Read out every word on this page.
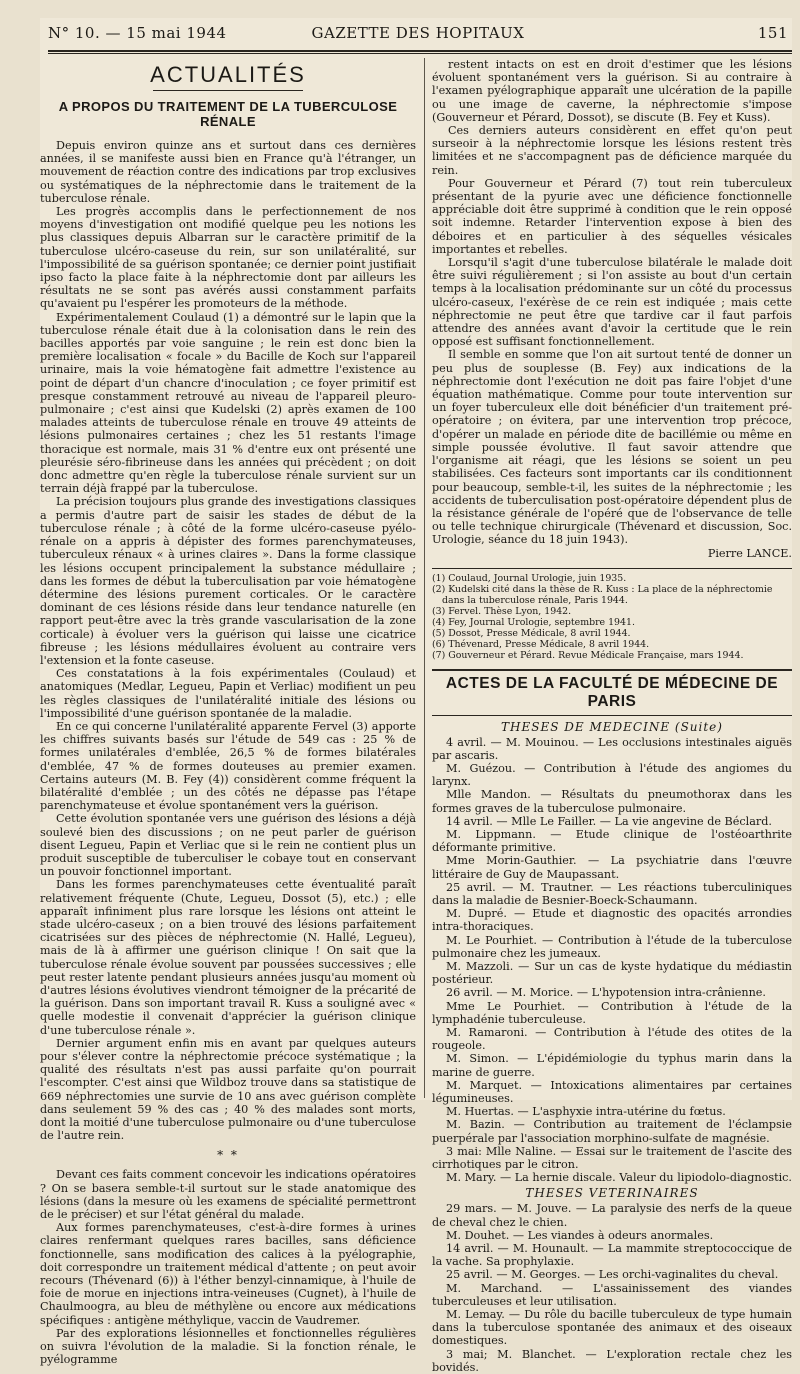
N° 10. — 15 mai 1944	GAZETTE DES HOPITAUX	151
ACTUALITÉS
A PROPOS DU TRAITEMENT DE LA TUBERCULOSE RÉNALE

Depuis environ quinze ans et surtout dans ces dernières années, il se manifeste aussi bien en France qu'à l'étranger, un mouvement de réaction contre des indications par trop exclusives ou systématiques de la néphrectomie dans le traitement de la tuberculose rénale.

Les progrès accomplis dans le perfectionnement de nos moyens d'investigation ont modifié quelque peu les notions les plus classiques depuis Albarran sur le caractère primitif de la tuberculose ulcéro-caseuse du rein, sur son unilatéralité, sur l'impossibilité de sa guérison spontanée; ce dernier point justifiait ipso facto la place faite à la néphrectomie dont par ailleurs les résultats ne se sont pas avérés aussi constamment parfaits qu'avaient pu l'espérer les promoteurs de la méthode.

Expérimentalement Coulaud (1) a démontré sur le lapin que la tuberculose rénale était due à la colonisation dans le rein des bacilles apportés par voie sanguine ; le rein est donc bien la première localisation « focale » du Bacille de Koch sur l'appareil urinaire, mais la voie hématogène fait admettre l'existence au point de départ d'un chancre d'inoculation ; ce foyer primitif est presque constamment retrouvé au niveau de l'appareil pleuro-pulmonaire ; c'est ainsi que Kudelski (2) après examen de 100 malades atteints de tuberculose rénale en trouve 49 atteints de lésions pulmonaires certaines ; chez les 51 restants l'image thoracique est normale, mais 31 % d'entre eux ont présenté une pleurésie séro-fibrineuse dans les années qui précèdent ; on doit donc admettre qu'en règle la tuberculose rénale survient sur un terrain déjà frappé par la tuberculose.

La précision toujours plus grande des investigations classiques a permis d'autre part de saisir les stades de début de la tuberculose rénale ; à côté de la forme ulcéro-caseuse pyélo-rénale on a appris à dépister des formes parenchymateuses, tuberculeux rénaux « à urines claires ». Dans la forme classique les lésions occupent principalement la substance médullaire ; dans les formes de début la tuberculisation par voie hématogène détermine des lésions purement corticales. Or le caractère dominant de ces lésions réside dans leur tendance naturelle (en rapport peut-être avec la très grande vascularisation de la zone corticale) à évoluer vers la guérison qui laisse une cicatrice fibreuse ; les lésions médullaires évoluent au contraire vers l'extension et la fonte caseuse.

Ces constatations à la fois expérimentales (Coulaud) et anatomiques (Medlar, Legueu, Papin et Verliac) modifient un peu les règles classiques de l'unilatéralité initiale des lésions ou l'impossibilité d'une guérison spontanée de la maladie.

En ce qui concerne l'unilatéralité apparente Fervel (3) apporte les chiffres suivants basés sur l'étude de 549 cas : 25 % de formes unilatérales d'emblée, 26,5 % de formes bilatérales d'emblée, 47 % de formes douteuses au premier examen. Certains auteurs (M. B. Fey (4)) considèrent comme fréquent la bilatéralité d'emblée ; un des côtés ne dépasse pas l'étape parenchymateuse et évolue spontanément vers la guérison.

Cette évolution spontanée vers une guérison des lésions a déjà soulevé bien des discussions ; on ne peut parler de guérison disent Legueu, Papin et Verliac que si le rein ne contient plus un produit susceptible de tuberculiser le cobaye tout en conservant un pouvoir fonctionnel important.

Dans les formes parenchymateuses cette éventualité paraît relativement fréquente (Chute, Legueu, Dossot (5), etc.) ; elle apparaît infiniment plus rare lorsque les lésions ont atteint le stade ulcéro-caseux ; on a bien trouvé des lésions parfaitement cicatrisées sur des pièces de néphrectomie (N. Hallé, Legueu), mais de là à affirmer une guérison clinique ! On sait que la tuberculose rénale évolue souvent par poussées successives ; elle peut rester latente pendant plusieurs années jusqu'au moment où d'autres lésions évolutives viendront témoigner de la précarité de la guérison. Dans son important travail R. Kuss a souligné avec « quelle modestie il convenait d'apprécier la guérison clinique d'une tuberculose rénale ».

Dernier argument enfin mis en avant par quelques auteurs pour s'élever contre la néphrectomie précoce systématique ; la qualité des résultats n'est pas aussi parfaite qu'on pourrait l'escompter. C'est ainsi que Wildboz trouve dans sa statistique de 669 néphrectomies une survie de 10 ans avec guérison complète dans seulement 59 % des cas ; 40 % des malades sont morts, dont la moitié d'une tuberculose pulmonaire ou d'une tuberculose de l'autre rein.

* *

Devant ces faits comment concevoir les indications opératoires ? On se basera semble-t-il surtout sur le stade anatomique des lésions (dans la mesure où les examens de spécialité permettront de le préciser) et sur l'état général du malade.

Aux formes parenchymateuses, c'est-à-dire formes à urines claires renfermant quelques rares bacilles, sans déficience fonctionnelle, sans modification des calices à la pyélographie, doit correspondre un traitement médical d'attente ; on peut avoir recours (Thévenard (6)) à l'éther benzyl-cinnamique, à l'huile de foie de morue en injections intra-veineuses (Cugnet), à l'huile de Chaulmoogra, au bleu de méthylène ou encore aux médications spécifiques : antigène méthylique, vaccin de Vaudremer.

Par des explorations lésionnelles et fonctionnelles régulières on suivra l'évolution de la maladie. Si la fonction rénale, le pyélogramme

restent intacts on est en droit d'estimer que les lésions évoluent spontanément vers la guérison. Si au contraire à l'examen pyélographique apparaît une ulcération de la papille ou une image de caverne, la néphrectomie s'impose (Gouverneur et Pérard, Dossot), se discute (B. Fey et Kuss).

Ces derniers auteurs considèrent en effet qu'on peut surseoir à la néphrectomie lorsque les lésions restent très limitées et ne s'accompagnent pas de déficience marquée du rein.

Pour Gouverneur et Pérard (7) tout rein tuberculeux présentant de la pyurie avec une déficience fonctionnelle appréciable doit être supprimé à condition que le rein opposé soit indemne. Retarder l'intervention expose à bien des déboires et en particulier à des séquelles vésicales importantes et rebelles.

Lorsqu'il s'agit d'une tuberculose bilatérale le malade doit être suivi régulièrement ; si l'on assiste au bout d'un certain temps à la localisation prédominante sur un côté du processus ulcéro-caseux, l'exérèse de ce rein est indiquée ; mais cette néphrectomie ne peut être que tardive car il faut parfois attendre des années avant d'avoir la certitude que le rein opposé est suffisant fonctionnellement.

Il semble en somme que l'on ait surtout tenté de donner un peu plus de souplesse (B. Fey) aux indications de la néphrectomie dont l'exécution ne doit pas faire l'objet d'une équation mathématique. Comme pour toute intervention sur un foyer tuberculeux elle doit bénéficier d'un traitement pré-opératoire ; on évitera, par une intervention trop précoce, d'opérer un malade en période dite de bacillémie ou même en simple poussée évolutive. Il faut savoir attendre que l'organisme ait réagi, que les lésions se soient un peu stabilisées. Ces facteurs sont importants car ils conditionnent pour beaucoup, semble-t-il, les suites de la néphrectomie ; les accidents de tuberculisation post-opératoire dépendent plus de la résistance générale de l'opéré que de l'observance de telle ou telle technique chirurgicale (Thévenard et discussion, Soc. Urologie, séance du 18 juin 1943).

Pierre LANCE.
(1) Coulaud, Journal Urologie, juin 1935.
(2) Kudelski cité dans la thèse de R. Kuss : La place de la néphrectomie dans la tuberculose rénale, Paris 1944.
(3) Fervel. Thèse Lyon, 1942.
(4) Fey, Journal Urologie, septembre 1941.
(5) Dossot, Presse Médicale, 8 avril 1944.
(6) Thévenard, Presse Médicale, 8 avril 1944.
(7) Gouverneur et Pérard. Revue Médicale Française, mars 1944.
ACTES DE LA FACULTÉ DE MÉDECINE DE PARIS
THESES DE MEDECINE (Suite)

4 avril. — M. Mouinou. — Les occlusions intestinales aiguës par ascaris.

M. Guézou. — Contribution à l'étude des angiomes du larynx.

Mlle Mandon. — Résultats du pneumothorax dans les formes graves de la tuberculose pulmonaire.

14 avril. — Mlle Le Failler. — La vie angevine de Béclard.

M. Lippmann. — Etude clinique de l'ostéoarthrite déformante primitive.

Mme Morin-Gauthier. — La psychiatrie dans l'œuvre littéraire de Guy de Maupassant.

25 avril. — M. Trautner. — Les réactions tuberculiniques dans la maladie de Besnier-Boeck-Schaumann.

M. Dupré. — Etude et diagnostic des opacités arrondies intra-thoraciques.

M. Le Pourhiet. — Contribution à l'étude de la tuberculose pulmonaire chez les jumeaux.

M. Mazzoli. — Sur un cas de kyste hydatique du médiastin postérieur.

26 avril. — M. Morice. — L'hypotension intra-crânienne.

Mme Le Pourhiet. — Contribution à l'étude de la lymphadénie tuberculeuse.

M. Ramaroni. — Contribution à l'étude des otites de la rougeole.

M. Simon. — L'épidémiologie du typhus marin dans la marine de guerre.

M. Marquet. — Intoxications alimentaires par certaines légumineuses.

M. Huertas. — L'asphyxie intra-utérine du fœtus.

M. Bazin. — Contribution au traitement de l'éclampsie puerpérale par l'association morphino-sulfate de magnésie.

3 mai: Mlle Naline. — Essai sur le traitement de l'ascite des cirrhotiques par le citron.

M. Mary. — La hernie discale. Valeur du lipiodolo-diagnostic.

THESES VETERINAIRES

29 mars. — M. Jouve. — La paralysie des nerfs de la queue de cheval chez le chien.

M. Douhet. — Les viandes à odeurs anormales.

14 avril. — M. Hounault. — La mammite streptococcique de la vache. Sa prophylaxie.

25 avril. — M. Georges. — Les orchi-vaginalites du cheval.

M. Marchand. — L'assainissement des viandes tuberculeuses et leur utilisation.

M. Lemay. — Du rôle du bacille tuberculeux de type humain dans la tuberculose spontanée des animaux et des oiseaux domestiques.

3 mai; M. Blanchet. — L'exploration rectale chez les bovidés.
